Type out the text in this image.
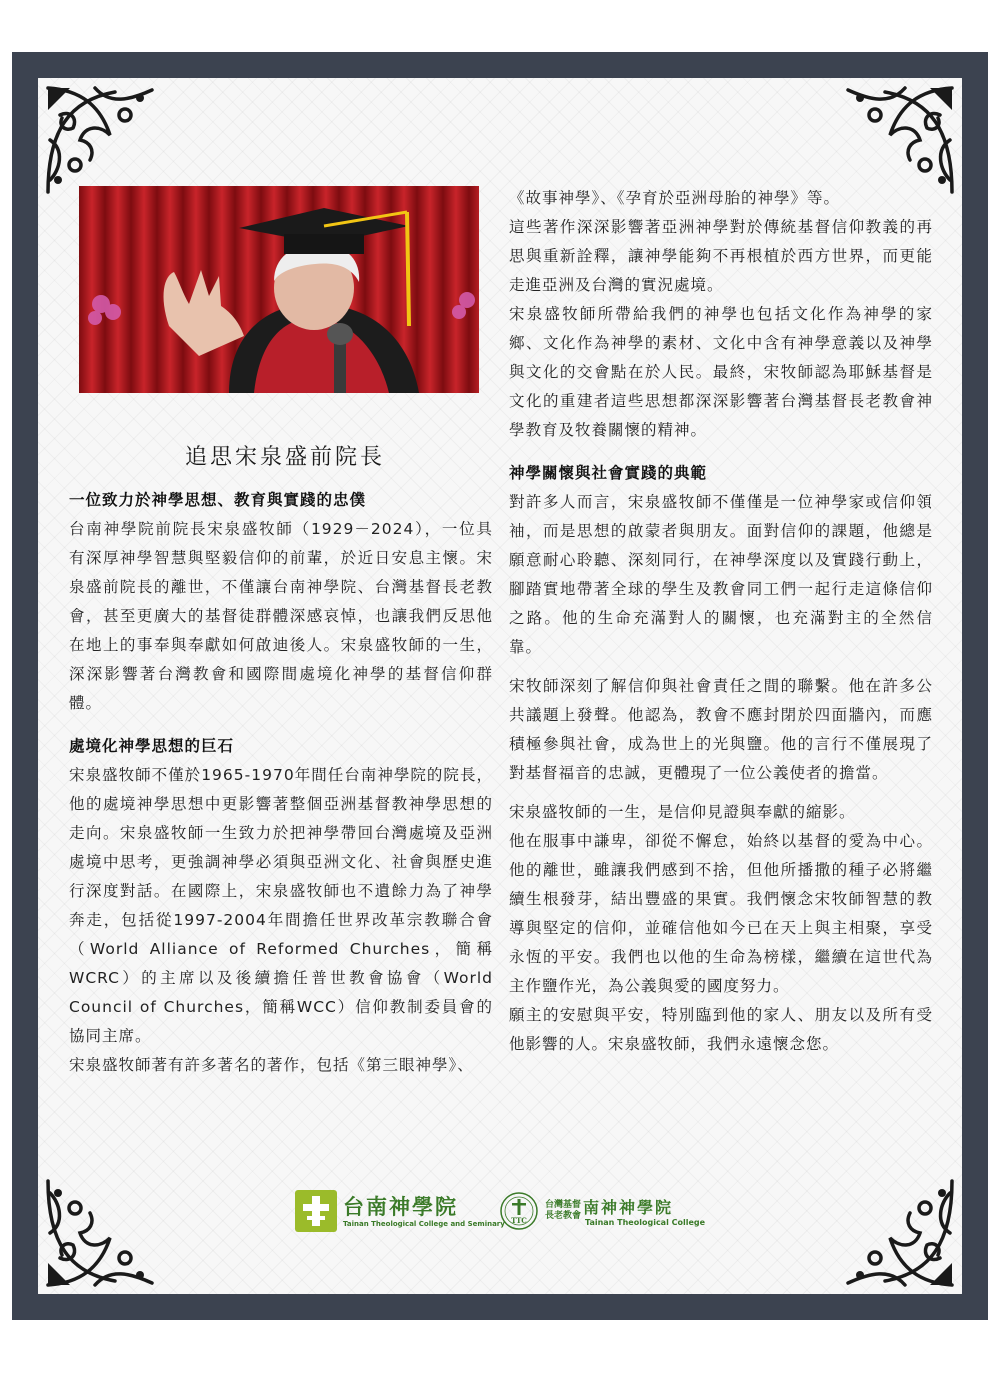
追思宋泉盛前院長
一位致力於神學思想、教育與實踐的忠僕

台南神學院前院長宋泉盛牧師（1929－2024），一位具有深厚神學智慧與堅毅信仰的前輩，於近日安息主懷。宋泉盛前院長的離世，不僅讓台南神學院、台灣基督長老教會，甚至更廣大的基督徒群體深感哀悼，也讓我們反思他在地上的事奉與奉獻如何啟迪後人。宋泉盛牧師的一生，深深影響著台灣教會和國際間處境化神學的基督信仰群體。

處境化神學思想的巨石

宋泉盛牧師不僅於1965-1970年間任台南神學院的院長，他的處境神學思想中更影響著整個亞洲基督教神學思想的走向。宋泉盛牧師一生致力於把神學帶回台灣處境及亞洲處境中思考，更強調神學必須與亞洲文化、社會與歷史進行深度對話。在國際上，宋泉盛牧師也不遺餘力為了神學奔走，包括從1997-2004年間擔任世界改革宗教聯合會（World Alliance of Reformed Churches，簡稱WCRC）的主席以及後續擔任普世教會協會（World Council of Churches，簡稱WCC）信仰教制委員會的協同主席。

宋泉盛牧師著有許多著名的著作，包括《第三眼神學》、

《故事神學》、《孕育於亞洲母胎的神學》等。

這些著作深深影響著亞洲神學對於傳統基督信仰教義的再思與重新詮釋，讓神學能夠不再根植於西方世界，而更能走進亞洲及台灣的實況處境。

宋泉盛牧師所帶給我們的神學也包括文化作為神學的家鄉、文化作為神學的素材、文化中含有神學意義以及神學與文化的交會點在於人民。最終，宋牧師認為耶穌基督是文化的重建者這些思想都深深影響著台灣基督長老教會神學教育及牧養關懷的精神。

神學關懷與社會實踐的典範

對許多人而言，宋泉盛牧師不僅僅是一位神學家或信仰領袖，而是思想的啟蒙者與朋友。面對信仰的課題，他總是願意耐心聆聽、深刻同行，在神學深度以及實踐行動上，腳踏實地帶著全球的學生及教會同工們一起行走這條信仰之路。他的生命充滿對人的關懷，也充滿對主的全然信靠。

宋牧師深刻了解信仰與社會責任之間的聯繫。他在許多公共議題上發聲。他認為，教會不應封閉於四面牆內，而應積極參與社會，成為世上的光與鹽。他的言行不僅展現了對基督福音的忠誠，更體現了一位公義使者的擔當。

宋泉盛牧師的一生，是信仰見證與奉獻的縮影。

他在服事中謙卑，卻從不懈怠，始終以基督的愛為中心。他的離世，雖讓我們感到不捨，但他所播撒的種子必將繼續生根發芽，結出豐盛的果實。我們懷念宋牧師智慧的教導與堅定的信仰，並確信他如今已在天上與主相聚，享受永恆的平安。我們也以他的生命為榜樣，繼續在這世代為主作鹽作光，為公義與愛的國度努力。

願主的安慰與平安，特別臨到他的家人、朋友以及所有受他影響的人。宋泉盛牧師，我們永遠懷念您。

台南神學院
Tainan Theological College and Seminary TTC
台灣基督
長老教會 南神神學院
Tainan Theological College
